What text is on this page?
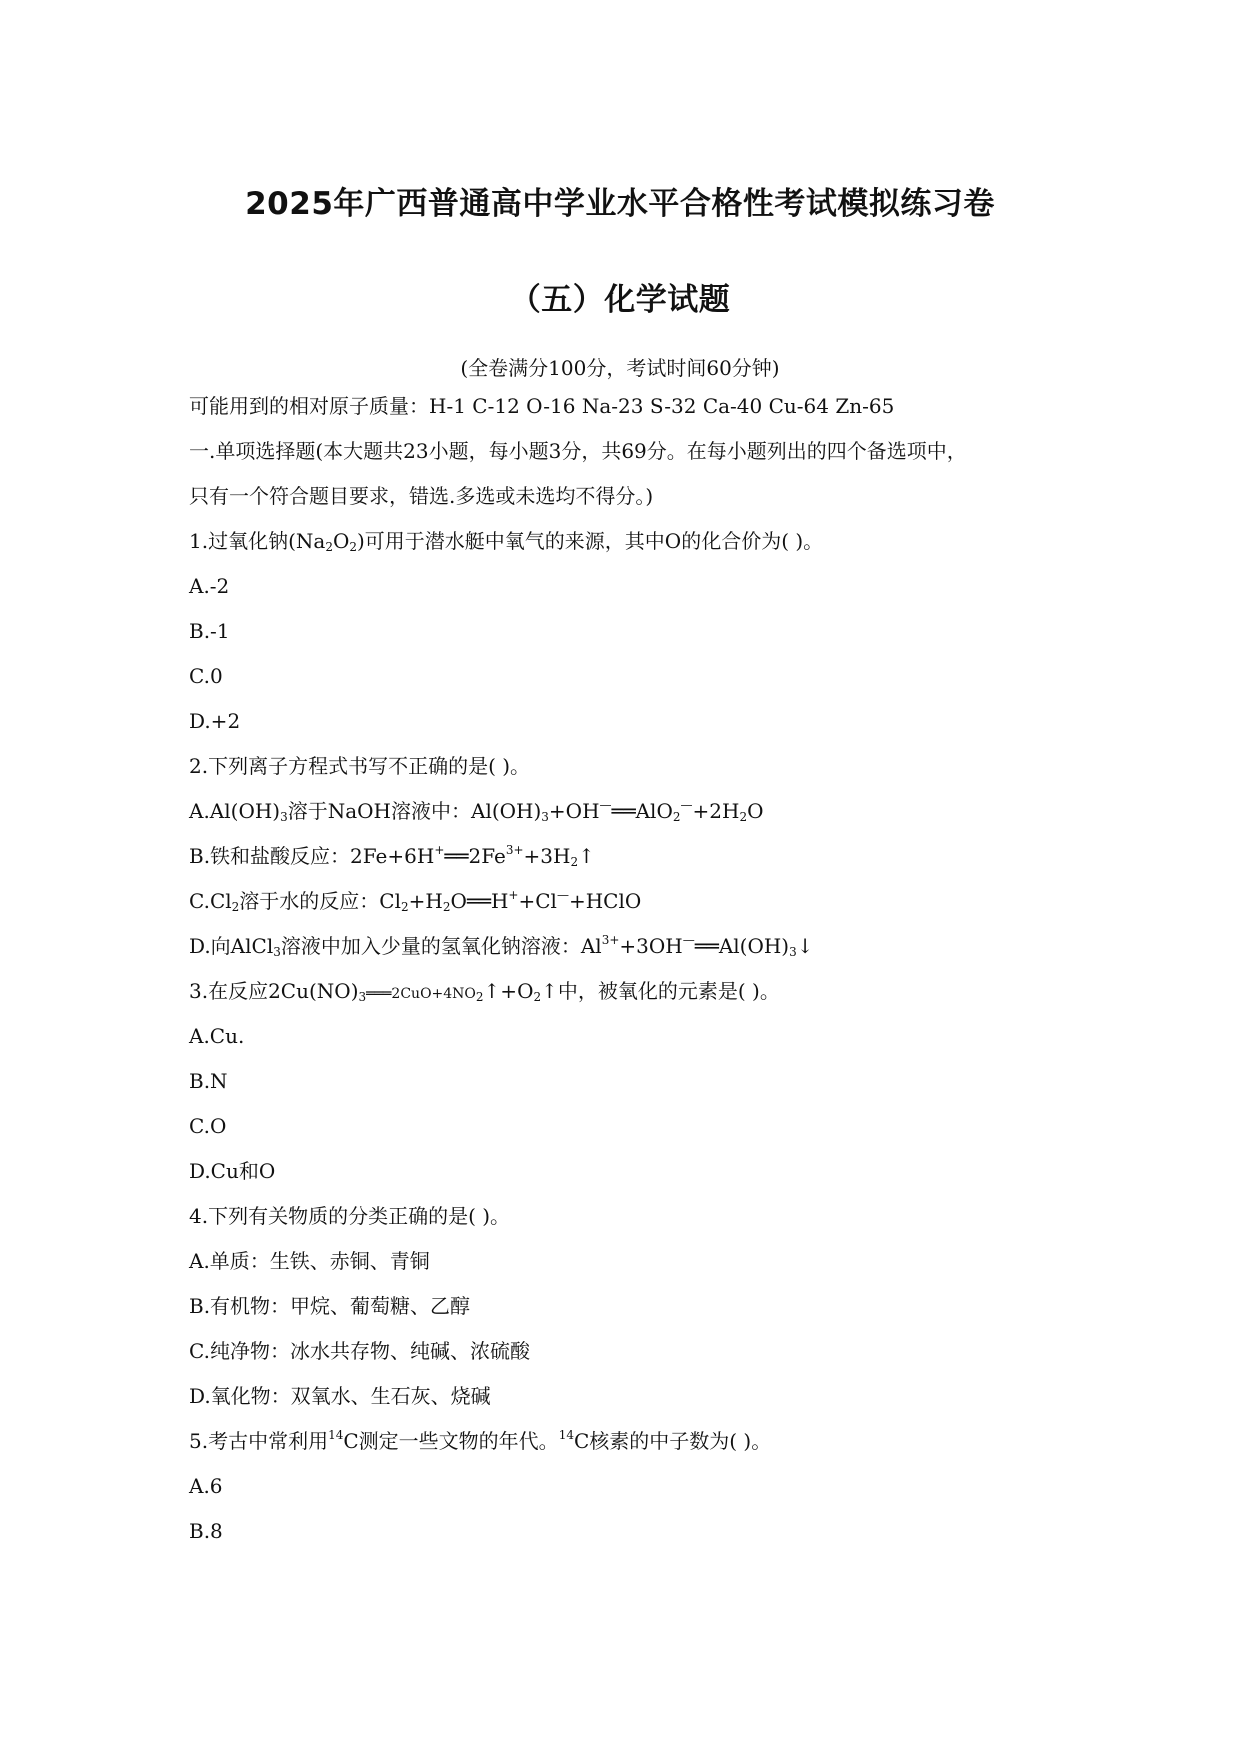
2025年广西普通高中学业水平合格性考试模拟练习卷
（五）化学试题
(全卷满分100分，考试时间60分钟)
可能用到的相对原子质量：H-1 C-12 O-16 Na-23 S-32 Ca-40 Cu-64 Zn-65
一.单项选择题(本大题共23小题，每小题3分，共69分。在每小题列出的四个备选项中，
只有一个符合题目要求，错选.多选或未选均不得分。)
1.过氧化钠$(Na_2O_2)$可用于潜水艇中氧气的来源，其中O的化合价为( )。
A.-2
B.-1
C.0
D.+2
2.下列离子方程式书写不正确的是( )。
$A.Al(OH)_3$溶于NaOH溶液中：$Al(OH)_3+OH^—══AlO_2^—+2H_2O$
B.铁和盐酸反应：$2Fe+6H^+══2Fe^{3+}+3H_2↑$
$C.Cl_2$溶于水的反应：$Cl_2+H_2O══H^++Cl^—+HClO$
D.向AlCl$_3$溶液中加入少量的氢氧化钠溶液：$Al^{3+}+3OH^—══Al(OH)_3↓$
3.在反应$2Cu(NO)_3═══2CuO+4NO_2↑+O_2↑$中，被氧化的元素是( )。
A.Cu.
B.N
C.O
D.Cu和O
4.下列有关物质的分类正确的是( )。
A.单质：生铁、赤铜、青铜
B.有机物：甲烷、葡萄糖、乙醇
C.纯净物：冰水共存物、纯碱、浓硫酸
D.氧化物：双氧水、生石灰、烧碱
5.考古中常利用$^{14}$C测定一些文物的年代。$^{14}$C核素的中子数为( )。
A.6
B.8
